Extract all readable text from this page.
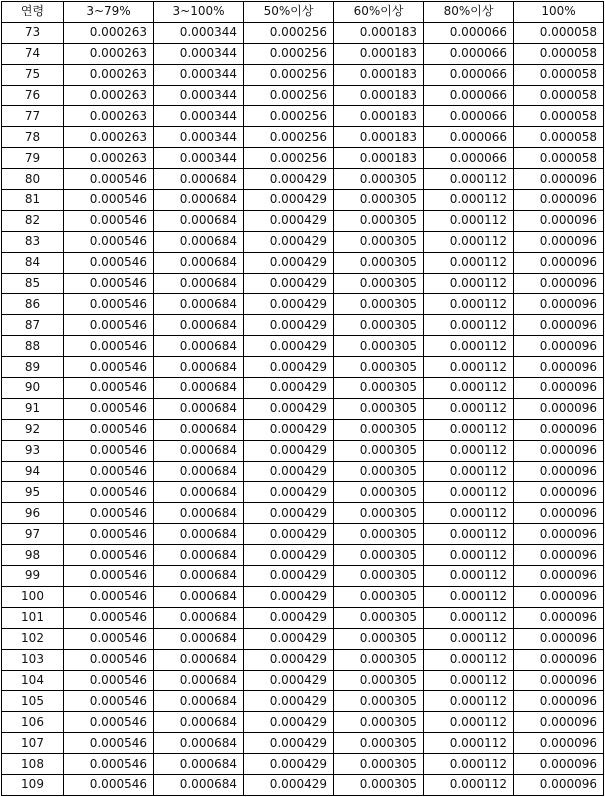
연령	3~79%	3~100%	50%이상	60%이상	80%이상	100%
73	0.000263	0.000344	0.000256	0.000183	0.000066	0.000058
74	0.000263	0.000344	0.000256	0.000183	0.000066	0.000058
75	0.000263	0.000344	0.000256	0.000183	0.000066	0.000058
76	0.000263	0.000344	0.000256	0.000183	0.000066	0.000058
77	0.000263	0.000344	0.000256	0.000183	0.000066	0.000058
78	0.000263	0.000344	0.000256	0.000183	0.000066	0.000058
79	0.000263	0.000344	0.000256	0.000183	0.000066	0.000058
80	0.000546	0.000684	0.000429	0.000305	0.000112	0.000096
81	0.000546	0.000684	0.000429	0.000305	0.000112	0.000096
82	0.000546	0.000684	0.000429	0.000305	0.000112	0.000096
83	0.000546	0.000684	0.000429	0.000305	0.000112	0.000096
84	0.000546	0.000684	0.000429	0.000305	0.000112	0.000096
85	0.000546	0.000684	0.000429	0.000305	0.000112	0.000096
86	0.000546	0.000684	0.000429	0.000305	0.000112	0.000096
87	0.000546	0.000684	0.000429	0.000305	0.000112	0.000096
88	0.000546	0.000684	0.000429	0.000305	0.000112	0.000096
89	0.000546	0.000684	0.000429	0.000305	0.000112	0.000096
90	0.000546	0.000684	0.000429	0.000305	0.000112	0.000096
91	0.000546	0.000684	0.000429	0.000305	0.000112	0.000096
92	0.000546	0.000684	0.000429	0.000305	0.000112	0.000096
93	0.000546	0.000684	0.000429	0.000305	0.000112	0.000096
94	0.000546	0.000684	0.000429	0.000305	0.000112	0.000096
95	0.000546	0.000684	0.000429	0.000305	0.000112	0.000096
96	0.000546	0.000684	0.000429	0.000305	0.000112	0.000096
97	0.000546	0.000684	0.000429	0.000305	0.000112	0.000096
98	0.000546	0.000684	0.000429	0.000305	0.000112	0.000096
99	0.000546	0.000684	0.000429	0.000305	0.000112	0.000096
100	0.000546	0.000684	0.000429	0.000305	0.000112	0.000096
101	0.000546	0.000684	0.000429	0.000305	0.000112	0.000096
102	0.000546	0.000684	0.000429	0.000305	0.000112	0.000096
103	0.000546	0.000684	0.000429	0.000305	0.000112	0.000096
104	0.000546	0.000684	0.000429	0.000305	0.000112	0.000096
105	0.000546	0.000684	0.000429	0.000305	0.000112	0.000096
106	0.000546	0.000684	0.000429	0.000305	0.000112	0.000096
107	0.000546	0.000684	0.000429	0.000305	0.000112	0.000096
108	0.000546	0.000684	0.000429	0.000305	0.000112	0.000096
109	0.000546	0.000684	0.000429	0.000305	0.000112	0.000096
